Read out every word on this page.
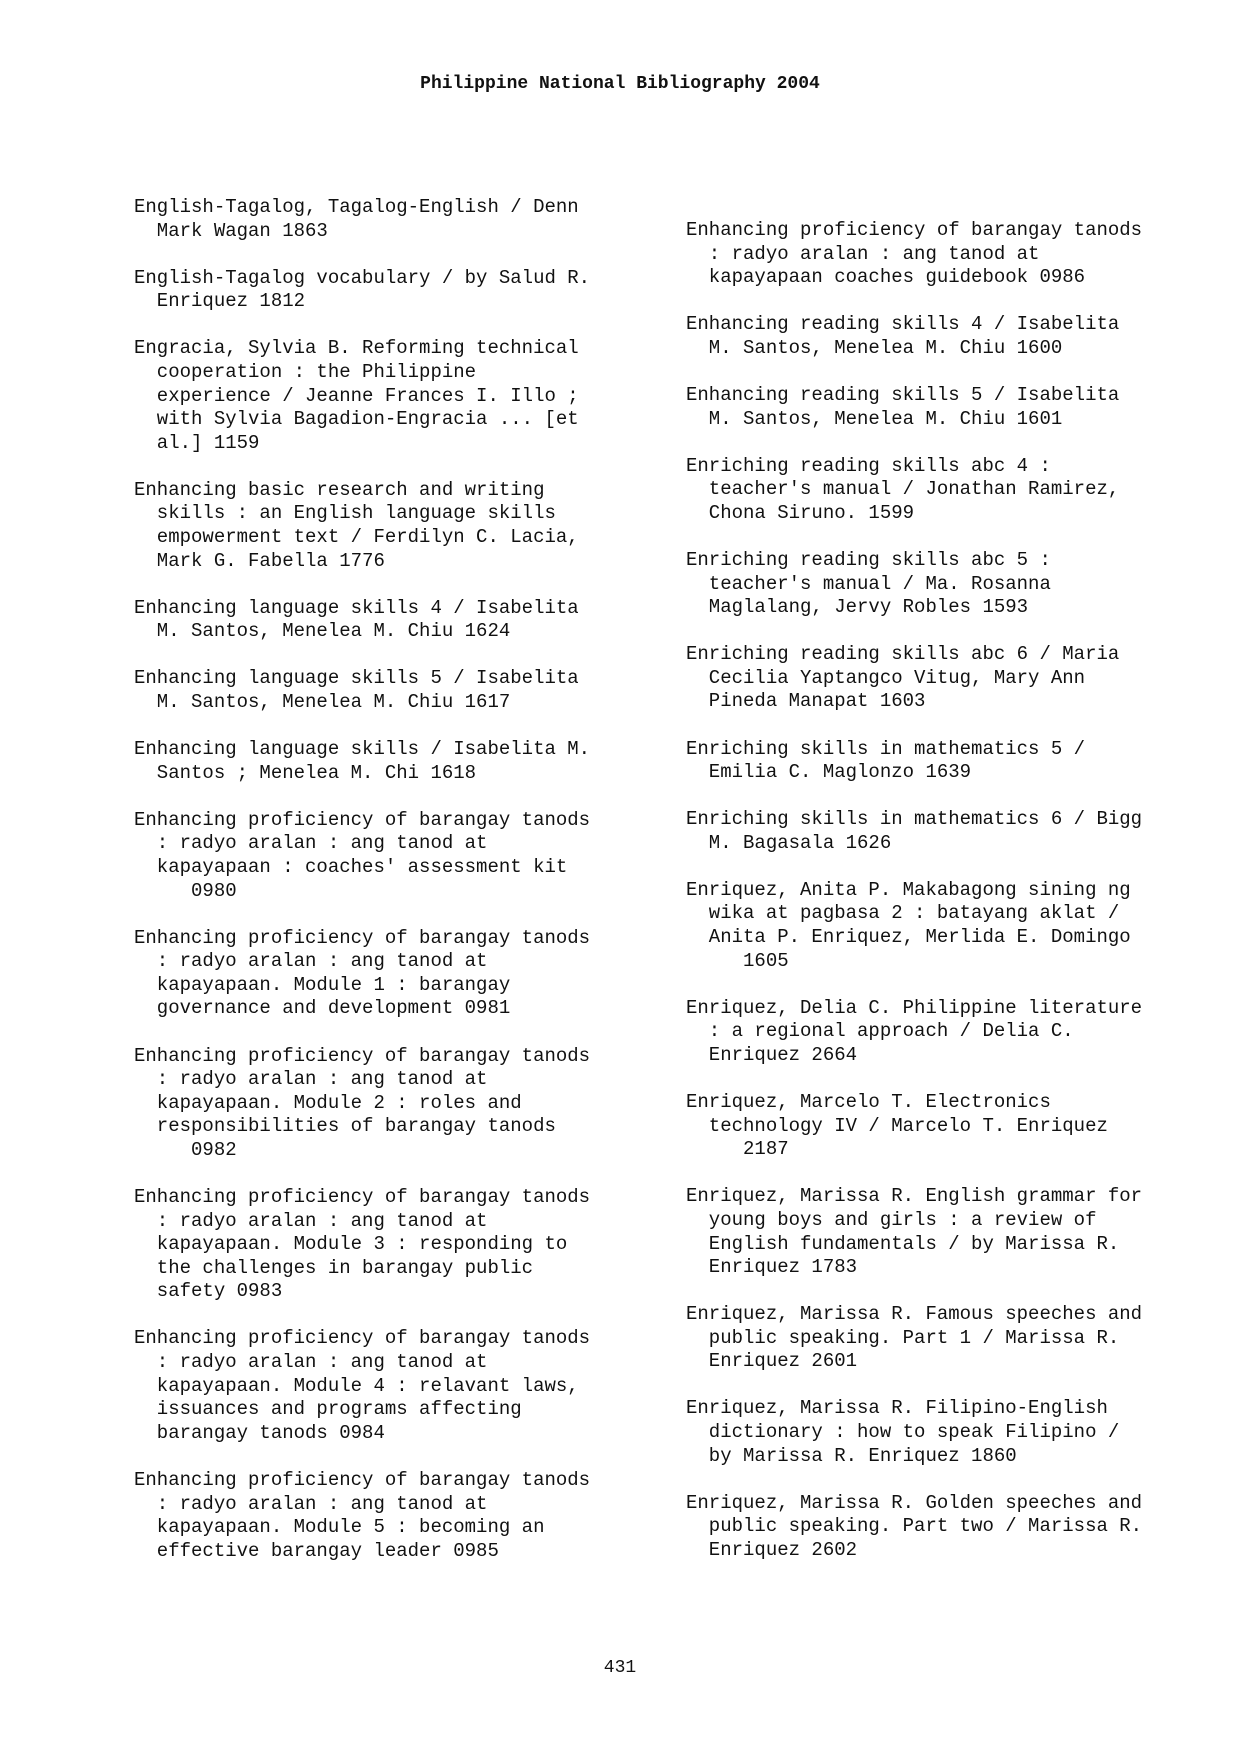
Philippine National Bibliography 2004
English-Tagalog, Tagalog-English / Denn
Mark Wagan 1863
English-Tagalog vocabulary / by Salud R.
Enriquez 1812
Engracia, Sylvia B. Reforming technical
cooperation : the Philippine
experience / Jeanne Frances I. Illo ;
with Sylvia Bagadion-Engracia ... [et
al.] 1159
Enhancing basic research and writing
skills : an English language skills
empowerment text / Ferdilyn C. Lacia,
Mark G. Fabella 1776
Enhancing language skills 4 / Isabelita
M. Santos, Menelea M. Chiu 1624
Enhancing language skills 5 / Isabelita
M. Santos, Menelea M. Chiu 1617
Enhancing language skills / Isabelita M.
Santos ; Menelea M. Chi 1618
Enhancing proficiency of barangay tanods
: radyo aralan : ang tanod at
kapayapaan : coaches' assessment kit
0980
Enhancing proficiency of barangay tanods
: radyo aralan : ang tanod at
kapayapaan. Module 1 : barangay
governance and development 0981
Enhancing proficiency of barangay tanods
: radyo aralan : ang tanod at
kapayapaan. Module 2 : roles and
responsibilities of barangay tanods
0982
Enhancing proficiency of barangay tanods
: radyo aralan : ang tanod at
kapayapaan. Module 3 : responding to
the challenges in barangay public
safety 0983
Enhancing proficiency of barangay tanods
: radyo aralan : ang tanod at
kapayapaan. Module 4 : relavant laws,
issuances and programs affecting
barangay tanods 0984
Enhancing proficiency of barangay tanods
: radyo aralan : ang tanod at
kapayapaan. Module 5 : becoming an
effective barangay leader 0985
Enhancing proficiency of barangay tanods
: radyo aralan : ang tanod at
kapayapaan coaches guidebook 0986
Enhancing reading skills 4 / Isabelita
M. Santos, Menelea M. Chiu 1600
Enhancing reading skills 5 / Isabelita
M. Santos, Menelea M. Chiu 1601
Enriching reading skills abc 4 :
teacher's manual / Jonathan Ramirez,
Chona Siruno. 1599
Enriching reading skills abc 5 :
teacher's manual / Ma. Rosanna
Maglalang, Jervy Robles 1593
Enriching reading skills abc 6 / Maria
Cecilia Yaptangco Vitug, Mary Ann
Pineda Manapat 1603
Enriching skills in mathematics 5 /
Emilia C. Maglonzo 1639
Enriching skills in mathematics 6 / Bigg
M. Bagasala 1626
Enriquez, Anita P. Makabagong sining ng
wika at pagbasa 2 : batayang aklat /
Anita P. Enriquez, Merlida E. Domingo
1605
Enriquez, Delia C. Philippine literature
: a regional approach / Delia C.
Enriquez 2664
Enriquez, Marcelo T. Electronics
technology IV / Marcelo T. Enriquez
2187
Enriquez, Marissa R. English grammar for
young boys and girls : a review of
English fundamentals / by Marissa R.
Enriquez 1783
Enriquez, Marissa R. Famous speeches and
public speaking. Part 1 / Marissa R.
Enriquez 2601
Enriquez, Marissa R. Filipino-English
dictionary : how to speak Filipino /
by Marissa R. Enriquez 1860
Enriquez, Marissa R. Golden speeches and
public speaking. Part two / Marissa R.
Enriquez 2602
431
